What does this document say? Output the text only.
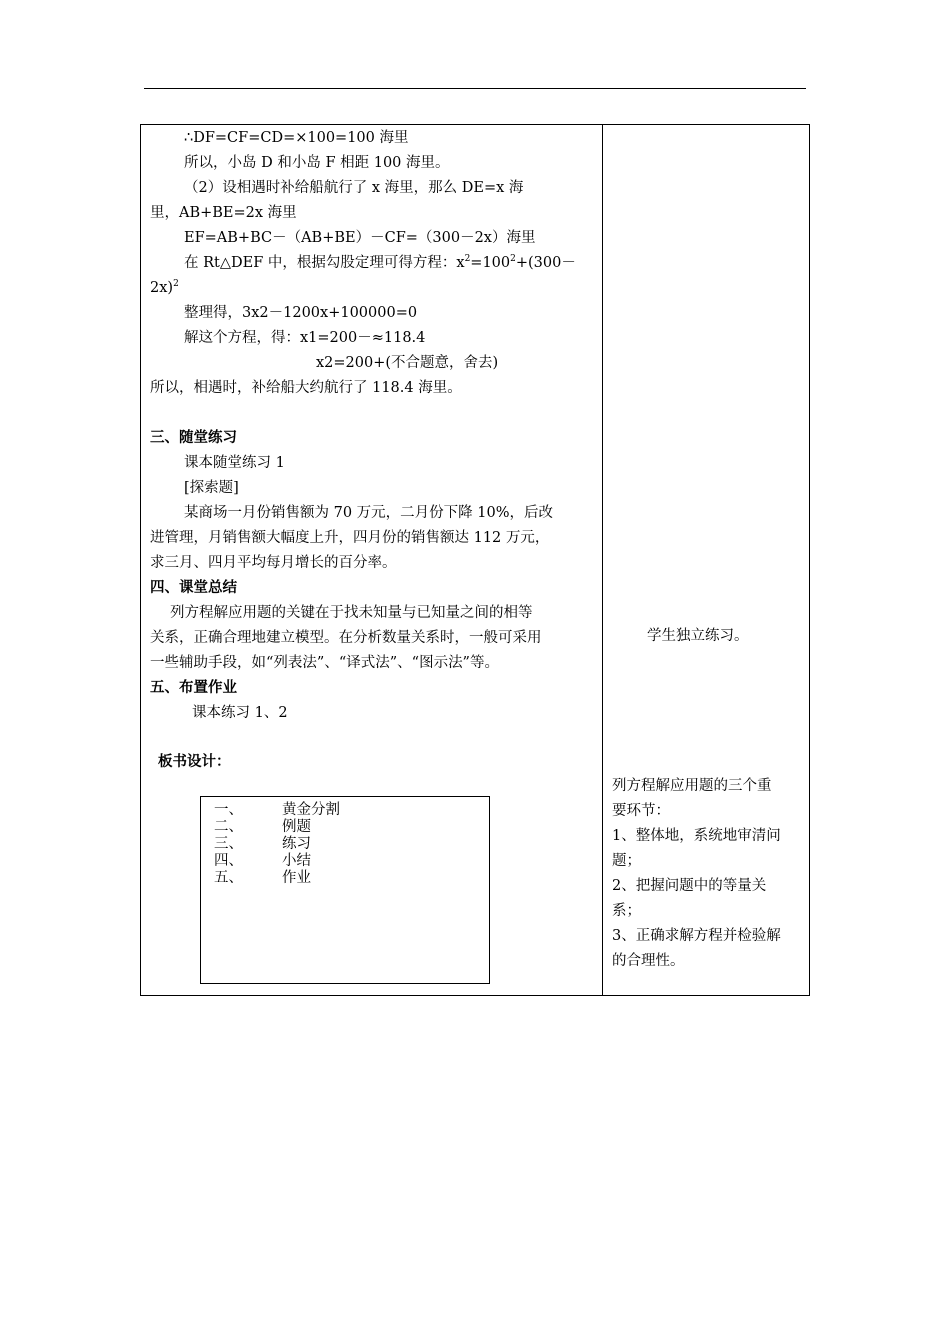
∴DF=CF=CD=×100=100 海里
所以，小岛 D 和小岛 F 相距 100 海里。
（2）设相遇时补给船航行了 x 海里，那么 DE=x 海
里，AB+BE=2x 海里
EF=AB+BC－（AB+BE）－CF=（300－2x）海里
在 Rt△DEF 中，根据勾股定理可得方程：$x^2=100^2+(300-$
2x)$^2$
整理得，3x2－1200x+100000=0
解这个方程，得：x1=200－≈118.4
x2=200+(不合题意，舍去)
所以，相遇时，补给船大约航行了 118.4 海里。
三、随堂练习
课本随堂练习 1
[探索题]
某商场一月份销售额为 70 万元，二月份下降 10%，后改
进管理，月销售额大幅度上升，四月份的销售额达 112 万元，
求三月、四月平均每月增长的百分率。
四、课堂总结
列方程解应用题的关键在于找未知量与已知量之间的相等
关系，正确合理地建立模型。在分析数量关系时，一般可采用
一些辅助手段，如“列表法”、“译式法”、“图示法”等。
五、布置作业
课本练习 1、2
板书设计：
一、	黄金分割
二、	例题
三、	练习
四、	小结
五、	作业
学生独立练习。
列方程解应用题的三个重
要环节：
1、整体地，系统地审清问
题；
2、把握问题中的等量关
系；
3、正确求解方程并检验解
的合理性。
